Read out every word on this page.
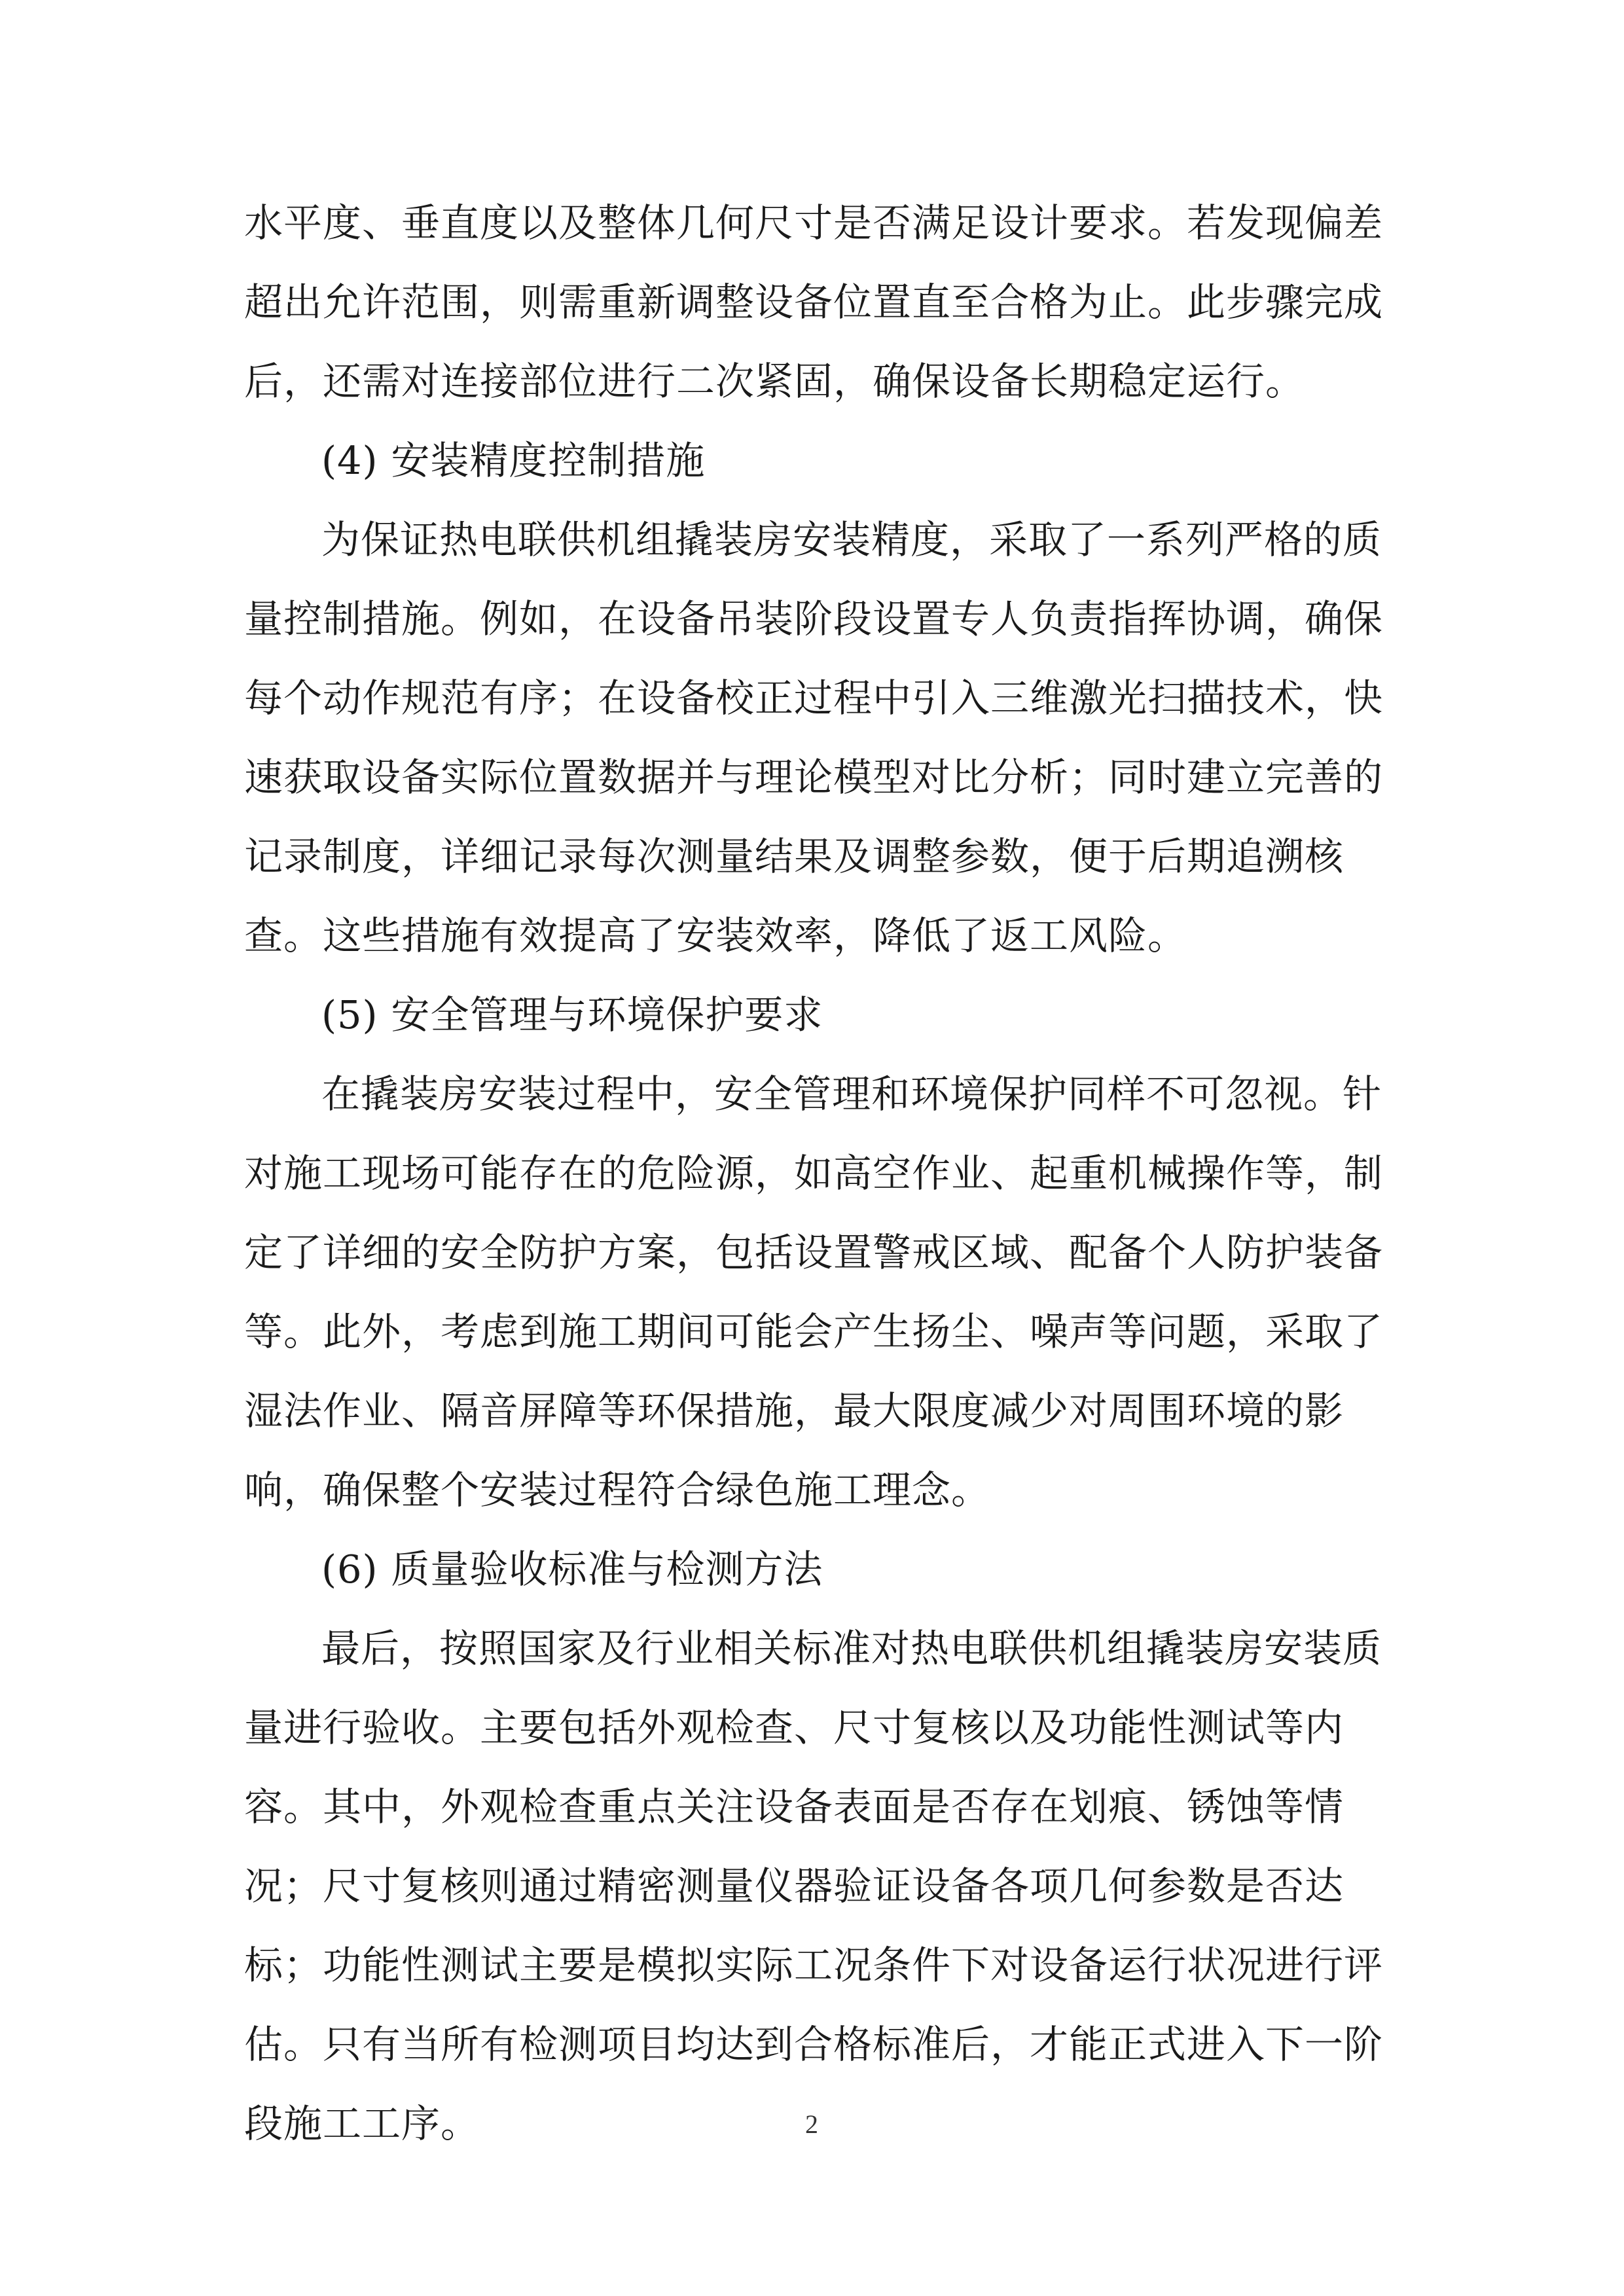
水平度、垂直度以及整体几何尺寸是否满足设计要求。若发现偏差
超出允许范围，则需重新调整设备位置直至合格为止。此步骤完成
后，还需对连接部位进行二次紧固，确保设备长期稳定运行。
(4) 安装精度控制措施
为保证热电联供机组撬装房安装精度，采取了一系列严格的质
量控制措施。例如，在设备吊装阶段设置专人负责指挥协调，确保
每个动作规范有序；在设备校正过程中引入三维激光扫描技术，快
速获取设备实际位置数据并与理论模型对比分析；同时建立完善的
记录制度，详细记录每次测量结果及调整参数，便于后期追溯核
查。这些措施有效提高了安装效率，降低了返工风险。
(5) 安全管理与环境保护要求
在撬装房安装过程中，安全管理和环境保护同样不可忽视。针
对施工现场可能存在的危险源，如高空作业、起重机械操作等，制
定了详细的安全防护方案，包括设置警戒区域、配备个人防护装备
等。此外，考虑到施工期间可能会产生扬尘、噪声等问题，采取了
湿法作业、隔音屏障等环保措施，最大限度减少对周围环境的影
响，确保整个安装过程符合绿色施工理念。
(6) 质量验收标准与检测方法
最后，按照国家及行业相关标准对热电联供机组撬装房安装质
量进行验收。主要包括外观检查、尺寸复核以及功能性测试等内
容。其中，外观检查重点关注设备表面是否存在划痕、锈蚀等情
况；尺寸复核则通过精密测量仪器验证设备各项几何参数是否达
标；功能性测试主要是模拟实际工况条件下对设备运行状况进行评
估。只有当所有检测项目均达到合格标准后，才能正式进入下一阶
段施工工序。	2
